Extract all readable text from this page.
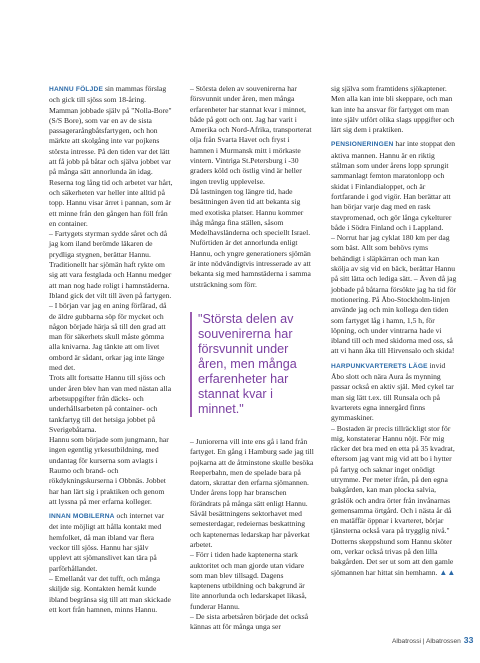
HANNU FÖLJDE sin mammas förslag och gick till sjöss som 18-åring. Mamman jobbade själv på "Nolla-Bore" (S/S Bore), som var en av de sista passagerarångbåtsfartygen, och hon märkte att skolgång inte var pojkens största intresse. På den tiden var det lätt att få jobb på båtar och själva jobbet var på många sätt annorlunda än idag. Reserna tog lång tid och arbetet var hårt, och säkerheten var heller inte alltid på topp. Hannu visar ärret i pannan, som är ett minne från den gången han föll från en container.

– Fartygets styrman sydde såret och då jag kom iland berömde läkaren de prydliga stygnen, berättar Hannu.

Traditionellt har sjömän haft rykte om sig att vara festglada och Hannu medger att man nog hade roligt i hamnstäderna. Ibland gick det vilt till även på fartygen.

– I början var jag en aning förfärad, då de äldre gubbarna söp för mycket och någon började härja så till den grad att man för säkerhets skull måste gömma alla knivarna. Jag tänkte att om livet ombord är sådant, orkar jag inte länge med det.

Trots allt fortsatte Hannu till sjöss och under åren blev han van med nästan alla arbetsuppgifter från däcks- och underhållsarbeten på container- och tankfartyg till det hetsiga jobbet på Sverigebåtarna.

Hannu som började som jungmann, har ingen egentlig yrkesutbildning, med undantag för kurserna som avlagts i Raumo och brand- och rökdykningskurserna i Obbnäs. Jobbet har han lärt sig i praktiken och genom att lyssna på mer erfarna kolleger.

INNAN MOBILERNA och internet var det inte möjligt att hålla kontakt med hemfolket, då man ibland var flera veckor till sjöss. Hannu har själv upplevt att sjömanslivet kan tära på parförhållandet.

– Emellanåt var det tufft, och många skiljde sig. Kontakten hemåt kunde ibland begränsa sig till att man skickade ett kort från hamnen, minns Hannu.

– Största delen av souvenirerna har försvunnit under åren, men många erfarenheter har stannat kvar i minnet, både på gott och ont. Jag har varit i Amerika och Nord-Afrika, transporterat olja från Svarta Havet och fryst i hamnen i Murmansk mitt i mörkaste vintern. Vintriga St.Petersburg i -30 graders köld och östlig vind är heller ingen trevlig upplevelse.

Då lastningen tog längre tid, hade besättningen även tid att bekanta sig med exotiska platser. Hannu kommer ihåg många fina ställen, såsom Medelhavsländerna och speciellt Israel. Nuförtiden är det annorlunda enligt Hannu, och yngre generationers sjömän är inte nödvändigtvis intresserade av att bekanta sig med hamnstäderna i samma utsträckning som förr.

"Största delen av souvenirerna har försvunnit under åren, men många erfarenheter har stannat kvar i minnet."

– Juniorerna vill inte ens gå i land från fartyget. En gång i Hamburg sade jag till pojkarna att de åtminstone skulle besöka Reeperbahn, men de spelade bara på datorn, skrattar den erfarna sjömannen.

Under årens lopp har branschen förändrats på många sätt enligt Hannu. Såväl besättningens sektorhavet med semesterdagar, redeiernas beskattning och kaptenernas ledarskap har påverkat arbetet.

– Förr i tiden hade kaptenerna stark auktoritet och man gjorde utan vidare som man blev tillsagd. Dagens kaptenens utbildning och bakgrund är lite annorlunda och ledarskapet likaså, funderar Hannu.

– De sista arbetsåren började det också kännas att för många unga ser

sig själva som framtidens sjökaptener. Men alla kan inte bli skeppare, och man kan inte ha ansvar för fartyget om man inte själv utfört olika slags uppgifter och lärt sig dem i praktiken.

PENSIONERINGEN har inte stoppat den aktiva mannen. Hannu är en riktig stålman som under årens lopp sprungit sammanlagt femton maratonlopp och skidat i Finlandialoppet, och är fortfarande i god vigör. Han berättar att han börjar varje dag med en rask stavpromenad, och gör långa cykelturer både i Södra Finland och i Lappland.

– Norrut har jag cyklat 180 km per dag som bäst. Allt som behövs ryms behändigt i släpkärran och man kan skölja av sig vid en bäck, berättar Hannu på sitt lätta och lediga sätt. – Även då jag jobbade på båtarna försökte jag ha tid för motionering. På Åbo-Stockholm-linjen använde jag och min kollega den tiden som fartyget låg i hamn, 1,5 h, för löpning, och under vintrarna hade vi ibland till och med skidorna med oss, så att vi hann åka till Hirvensalo och skida!

HARPUNKVARTERETS LÄGE invid Åbo slott och nära Aura ås mynning passar också en aktiv själ. Med cykel tar man sig lätt t.ex. till Runsala och på kvarterets egna innergård finns gymmaskiner.

– Bostaden är precis tillräckligt stor för mig, konstaterar Hannu nöjt. För mig räcker det bra med en etta på 35 kvadrat, eftersom jag vant mig vid att bo i hytter på fartyg och saknar inget onödigt utrymme. Per meter ifrån, på den egna bakgården, kan man plocka salvia, gräslök och andra örter från invånarnas gemensamma örtgård. Och i nästa år då en matäffär öppnar i kvarteret, börjar tjänsterna också vara på trygglig nivå."

Dotterns skeppshund som Hannu sköter om, verkar också trivas på den lilla bakgården. Det ser ut som att den gamle sjömannen har hittat sin hemhamn. ▲▲

Albatrossi | Albatrossen 33
